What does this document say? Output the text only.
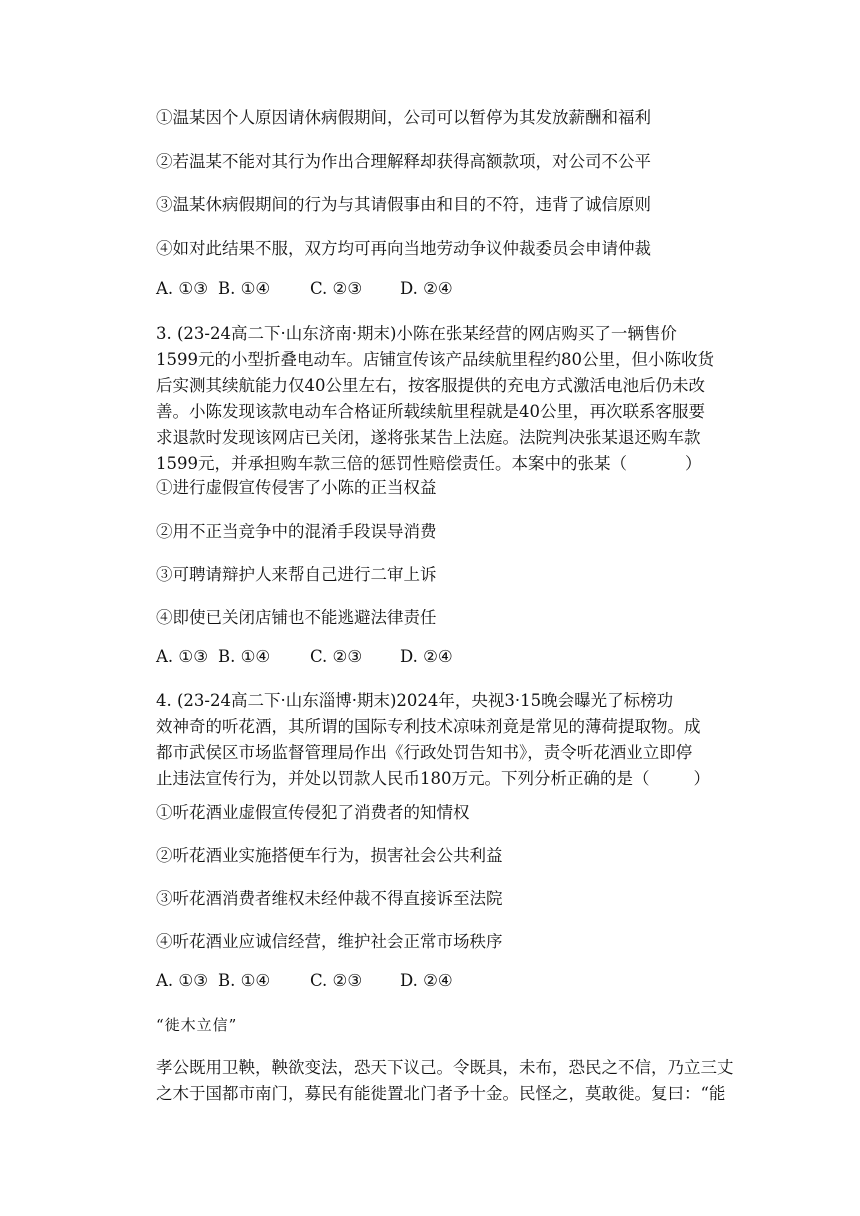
①温某因个人原因请休病假期间，公司可以暂停为其发放薪酬和福利
②若温某不能对其行为作出合理解释却获得高额款项，对公司不公平
③温某休病假期间的行为与其请假事由和目的不符，违背了诚信原则
④如对此结果不服，双方均可再向当地劳动争议仲裁委员会申请仲裁
A. ①③ B. ①④ C. ②③ D. ②④
3. (23-24高二下·山东济南·期末)小陈在张某经营的网店购买了一辆售价
1599元的小型折叠电动车。店铺宣传该产品续航里程约80公里，但小陈收货
后实测其续航能力仅40公里左右，按客服提供的充电方式激活电池后仍未改
善。小陈发现该款电动车合格证所载续航里程就是40公里，再次联系客服要
求退款时发现该网店已关闭，遂将张某告上法庭。法院判决张某退还购车款
1599元，并承担购车款三倍的惩罚性赔偿责任。本案中的张某（	）
①进行虚假宣传侵害了小陈的正当权益
②用不正当竞争中的混淆手段误导消费
③可聘请辩护人来帮自己进行二审上诉
④即使已关闭店铺也不能逃避法律责任
A. ①③ B. ①④ C. ②③ D. ②④
4. (23-24高二下·山东淄博·期末)2024年，央视3·15晚会曝光了标榜功
效神奇的听花酒，其所谓的国际专利技术凉味剂竟是常见的薄荷提取物。成
都市武侯区市场监督管理局作出《行政处罚告知书》，责令听花酒业立即停
止违法宣传行为，并处以罚款人民币180万元。下列分析正确的是（	）
①听花酒业虚假宣传侵犯了消费者的知情权
②听花酒业实施搭便车行为，损害社会公共利益
③听花酒消费者维权未经仲裁不得直接诉至法院
④听花酒业应诚信经营，维护社会正常市场秩序
A. ①③ B. ①④ C. ②③ D. ②④
“徙木立信”
孝公既用卫鞅，鞅欲变法，恐天下议己。令既具，未布，恐民之不信，乃立三丈
之木于国都市南门，募民有能徙置北门者予十金。民怪之，莫敢徙。复曰：“能
